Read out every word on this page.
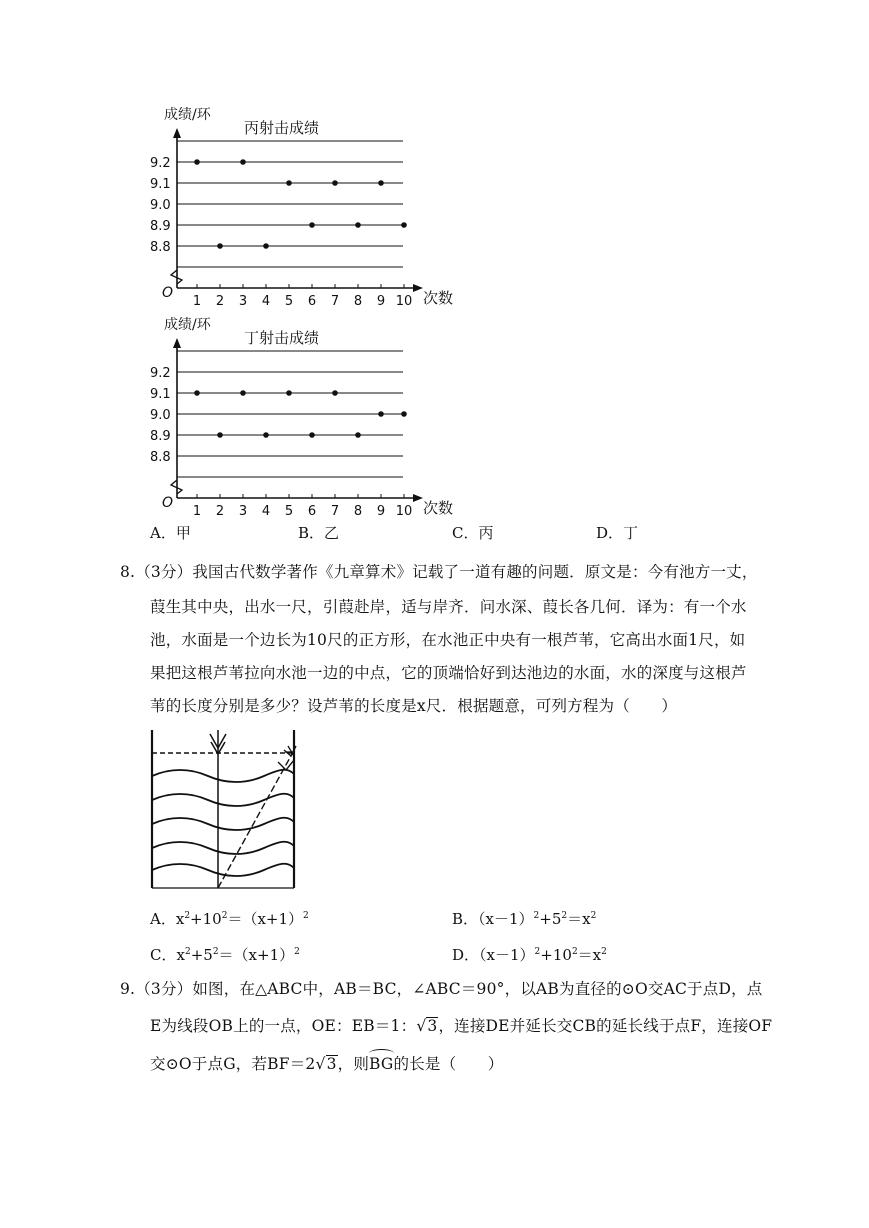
成绩/环
丙射击成绩
9.2
9.1
9.0
8.9
8.8
O
1 2 3 4 5 6 7 8 9 10 次数
成绩/环
丁射击成绩
9.2
9.1
9.0
8.9
8.8
O
1 2 3 4 5 6 7 8 9 10 次数
A．甲	B．乙	C．丙	D．丁
8.（3分）我国古代数学著作《九章算术》记载了一道有趣的问题．原文是：今有池方一丈，
葭生其中央，出水一尺，引葭赴岸，适与岸齐．问水深、葭长各几何．译为：有一个水
池，水面是一个边长为10尺的正方形，在水池正中央有一根芦苇，它高出水面1尺，如
果把这根芦苇拉向水池一边的中点，它的顶端恰好到达池边的水面，水的深度与这根芦
苇的长度分别是多少？设芦苇的长度是x尺．根据题意，可列方程为（　　）
A．$x^2+10^2=(x+1)^2$	B．$(x-1)^2+5^2=x^2$
C．$x^2+5^2=(x+1)^2$	D．$(x-1)^2+10^2=x^2$
9.（3分）如图，在△ABC中，AB＝BC，∠ABC＝90°，以AB为直径的⊙O交AC于点D，点
E为线段OB上的一点，OE：EB＝1：√3，连接DE并延长交CB的延长线于点F，连接OF
交⊙O于点G，若BF＝2√3，则BG的长是（　　）
